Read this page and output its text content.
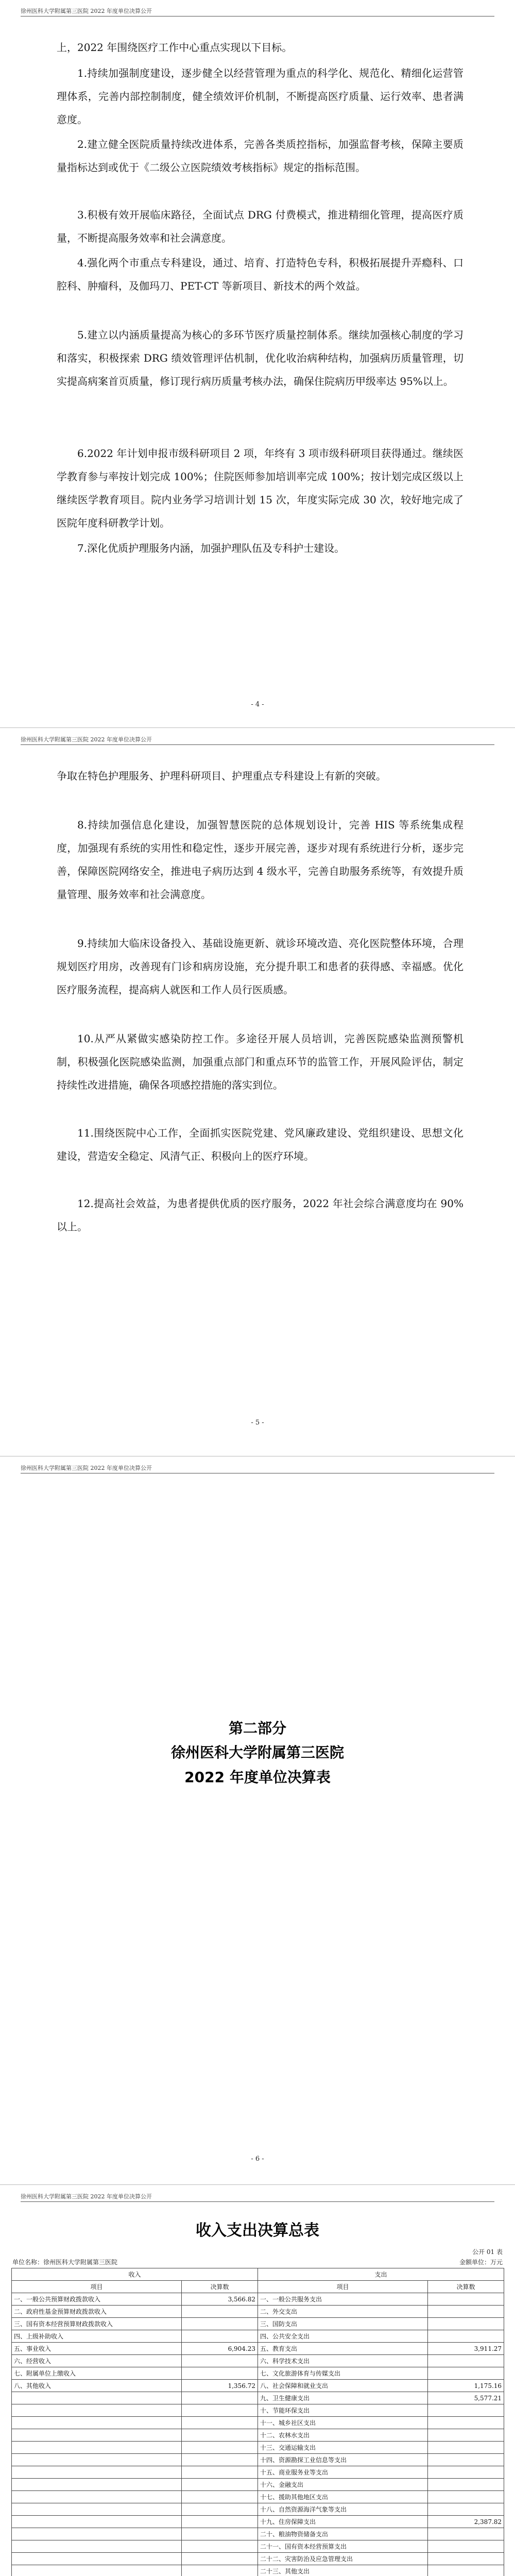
徐州医科大学附属第三医院 2022 年度单位决算公开
上，2022 年围绕医疗工作中心重点实现以下目标。
1.持续加强制度建设，逐步健全以经营管理为重点的科学化、规范化、精细化运营管理体系，完善内部控制制度，健全绩效评价机制，不断提高医疗质量、运行效率、患者满意度。
2.建立健全医院质量持续改进体系，完善各类质控指标，加强监督考核，保障主要质量指标达到或优于《二级公立医院绩效考核指标》规定的指标范围。
3.积极有效开展临床路径，全面试点 DRG 付费模式，推进精细化管理，提高医疗质量，不断提高服务效率和社会满意度。
4.强化两个市重点专科建设，通过、培育、打造特色专科，积极拓展提升弄瘾科、口腔科、肿瘤科，及伽玛刀、PET-CT 等新项目、新技术的两个效益。
5.建立以内涵质量提高为核心的多环节医疗质量控制体系。继续加强核心制度的学习和落实，积极探索 DRG 绩效管理评估机制，优化收治病种结构，加强病历质量管理，切实提高病案首页质量，修订现行病历质量考核办法，确保住院病历甲级率达 95%以上。
6.2022 年计划申报市级科研项目 2 项，年终有 3 项市级科研项目获得通过。继续医学教育参与率按计划完成 100%；住院医师参加培训率完成 100%；按计划完成区级以上继续医学教育项目。院内业务学习培训计划 15 次，年度实际完成 30 次，较好地完成了医院年度科研教学计划。
7.深化优质护理服务内涵，加强护理队伍及专科护士建设。
- 4 -
徐州医科大学附属第三医院 2022 年度单位决算公开
争取在特色护理服务、护理科研项目、护理重点专科建设上有新的突破。
8.持续加强信息化建设，加强智慧医院的总体规划设计，完善 HIS 等系统集成程度，加强现有系统的实用性和稳定性，逐步开展完善，逐步对现有系统进行分析，逐步完善，保障医院网络安全，推进电子病历达到 4 级水平，完善自助服务系统等，有效提升质量管理、服务效率和社会满意度。
9.持续加大临床设备投入、基础设施更新、就诊环境改造、亮化医院整体环境，合理规划医疗用房，改善现有门诊和病房设施，充分提升职工和患者的获得感、幸福感。优化医疗服务流程，提高病人就医和工作人员行医质感。
10.从严从紧做实感染防控工作。多途径开展人员培训，完善医院感染监测预警机制，积极强化医院感染监测，加强重点部门和重点环节的监管工作，开展风险评估，制定持续性改进措施，确保各项感控措施的落实到位。
11.围绕医院中心工作，全面抓实医院党建、党风廉政建设、党组织建设、思想文化建设，营造安全稳定、风清气正、积极向上的医疗环境。
12.提高社会效益，为患者提供优质的医疗服务，2022 年社会综合满意度均在 90%以上。
- 5 -
徐州医科大学附属第三医院 2022 年度单位决算公开
第二部分
徐州医科大学附属第三医院
2022 年度单位决算表
- 6 -
徐州医科大学附属第三医院 2022 年度单位决算公开
收入支出决算总表
公开 01 表
单位名称：徐州医科大学附属第三医院	金额单位：万元
收入		支出	
项目	决算数	项目	决算数
一、一般公共预算财政拨款收入	3,566.82	一、一般公共服务支出	
二、政府性基金预算财政拨款收入		二、外交支出	
三、国有资本经营预算财政拨款收入		三、国防支出	
四、上级补助收入		四、公共安全支出	
五、事业收入	6,904.23	五、教育支出	3,911.27
六、经营收入		六、科学技术支出	
七、附属单位上缴收入		七、文化旅游体育与传媒支出	
八、其他收入	1,356.72	八、社会保障和就业支出	1,175.16
		九、卫生健康支出	5,577.21
		十、节能环保支出	
		十一、城乡社区支出	
		十二、农林水支出	
		十三、交通运输支出	
		十四、资源勘探工业信息等支出	
		十五、商业服务业等支出	
		十六、金融支出	
		十七、援助其他地区支出	
		十八、自然资源海洋气象等支出	
		十九、住房保障支出	2,387.82
		二十、粮油物资储备支出	
		二十一、国有资本经营预算支出	
		二十二、灾害防治及应急管理支出	
		二十三、其他支出	
